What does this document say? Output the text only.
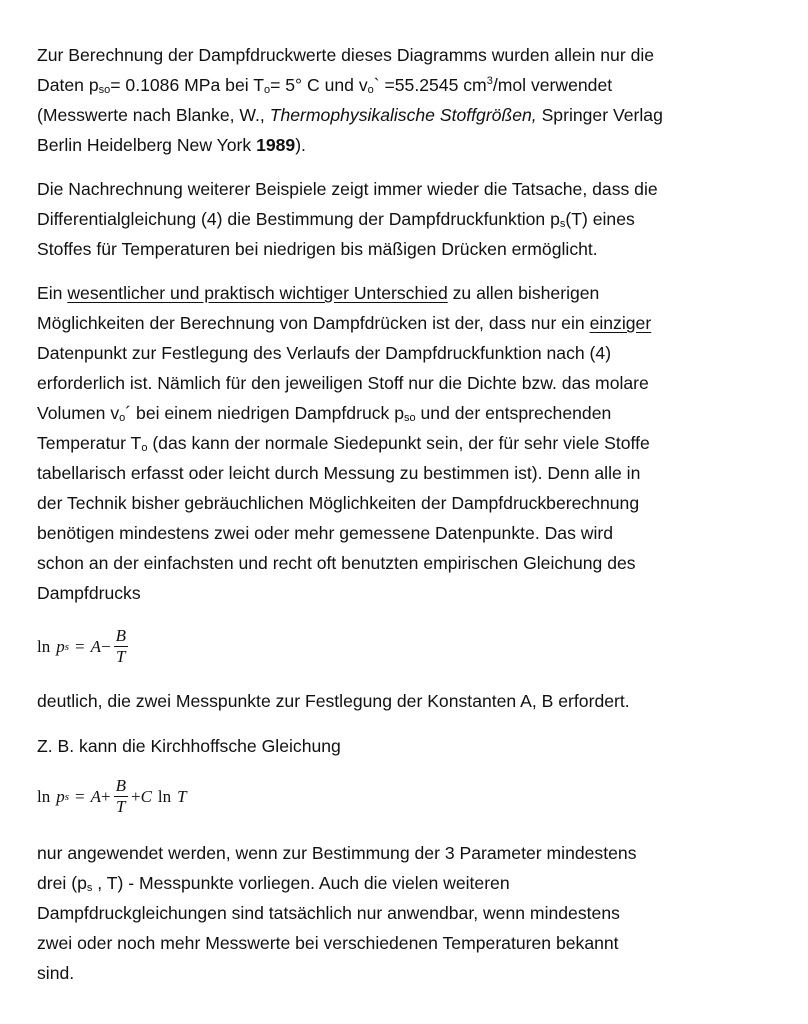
Zur Berechnung der Dampfdruckwerte dieses Diagramms wurden allein nur die
Daten $p_{so}= 0.1086$ MPa bei $T_o= 5^\circ$ C und $v_o` =55.2545$ $cm^3$/mol verwendet
(Messwerte nach Blanke, W., Thermophysikalische Stoffgrößen, Springer Verlag
Berlin Heidelberg New York 1989).
Die Nachrechnung weiterer Beispiele zeigt immer wieder die Tatsache, dass die
Differentialgleichung (4) die Bestimmung der Dampfdruckfunktion $p_s(T)$ eines
Stoffes für Temperaturen bei niedrigen bis mäßigen Drücken ermöglicht.
Ein wesentlicher und praktisch wichtiger Unterschied zu allen bisherigen
Möglichkeiten der Berechnung von Dampfdrücken ist der, dass nur ein einziger
Datenpunkt zur Festlegung des Verlaufs der Dampfdruckfunktion nach (4)
erforderlich ist. Nämlich für den jeweiligen Stoff nur die Dichte bzw. das molare
Volumen $v_o´$ bei einem niedrigen Dampfdruck $p_{so}$ und der entsprechenden
Temperatur $T_o$ (das kann der normale Siedepunkt sein, der für sehr viele Stoffe
tabellarisch erfasst oder leicht durch Messung zu bestimmen ist). Denn alle in
der Technik bisher gebräuchlichen Möglichkeiten der Dampfdruckberechnung
benötigen mindestens zwei oder mehr gemessene Datenpunkte. Das wird
schon an der einfachsten und recht oft benutzten empirischen Gleichung des
Dampfdrucks
ln p $s = A - \frac{B}{T}$
deutlich, die zwei Messpunkte zur Festlegung der Konstanten A, B erfordert.
Z. B. kann die Kirchhoffsche Gleichung
ln p $s = A + \frac{B}{T} + C$ ln T
nur angewendet werden, wenn zur Bestimmung der 3 Parameter mindestens
drei ($p_s$ , T) - Messpunkte vorliegen. Auch die vielen weiteren
Dampfdruckgleichungen sind tatsächlich nur anwendbar, wenn mindestens
zwei oder noch mehr Messwerte bei verschiedenen Temperaturen bekannt
sind.
